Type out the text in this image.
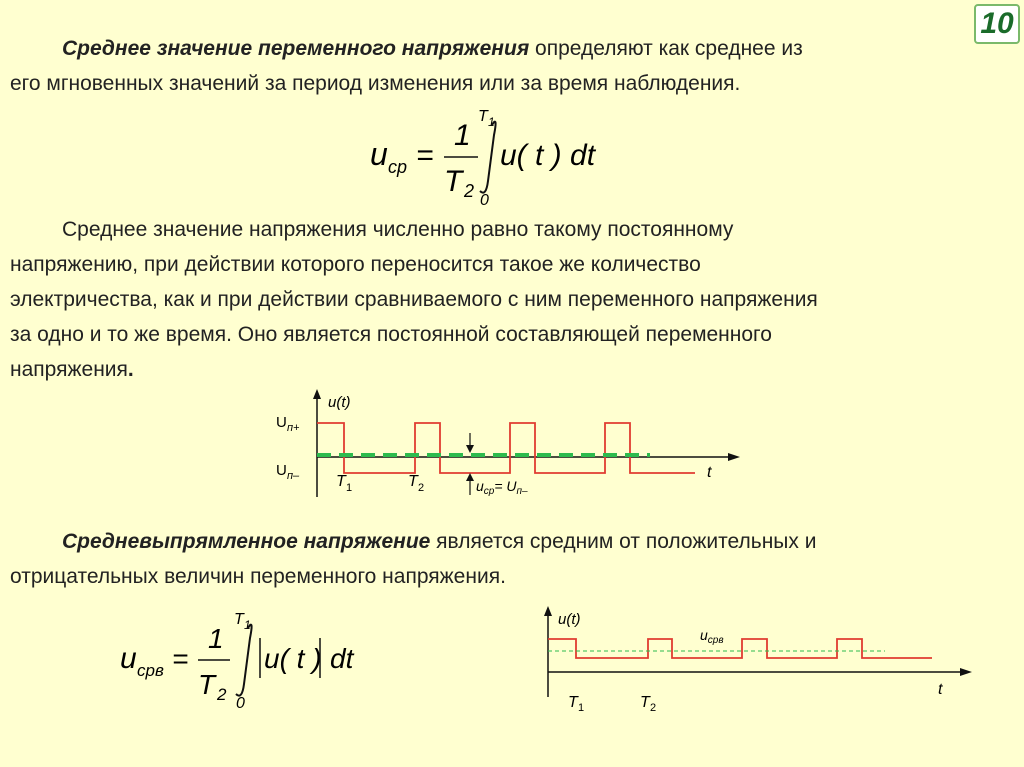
10
Среднее значение переменного напряжения определяют как среднее из
его мгновенных значений за период изменения или за время наблюдения.
u ср =
1
T 2
T 1
0
u( t ) dt
Среднее значение напряжения численно равно такому постоянному
напряжению, при действии которого переносится такое же количество
электричества, как и при действии сравниваемого с ним переменного напряжения
за одно и то же время. Оно является постоянной составляющей переменного
напряжения.
u(t)
U п+
U п– T 1	T 2	$u_{ср}= U_{п-}$
t
Средневыпрямленное напряжение является средним от положительных и
отрицательных величин переменного напряжения.
u срв =
1
T 2
T 1
0
u( t ) dt
u(t)
$u_{срв}$
T 1	T 2
t
